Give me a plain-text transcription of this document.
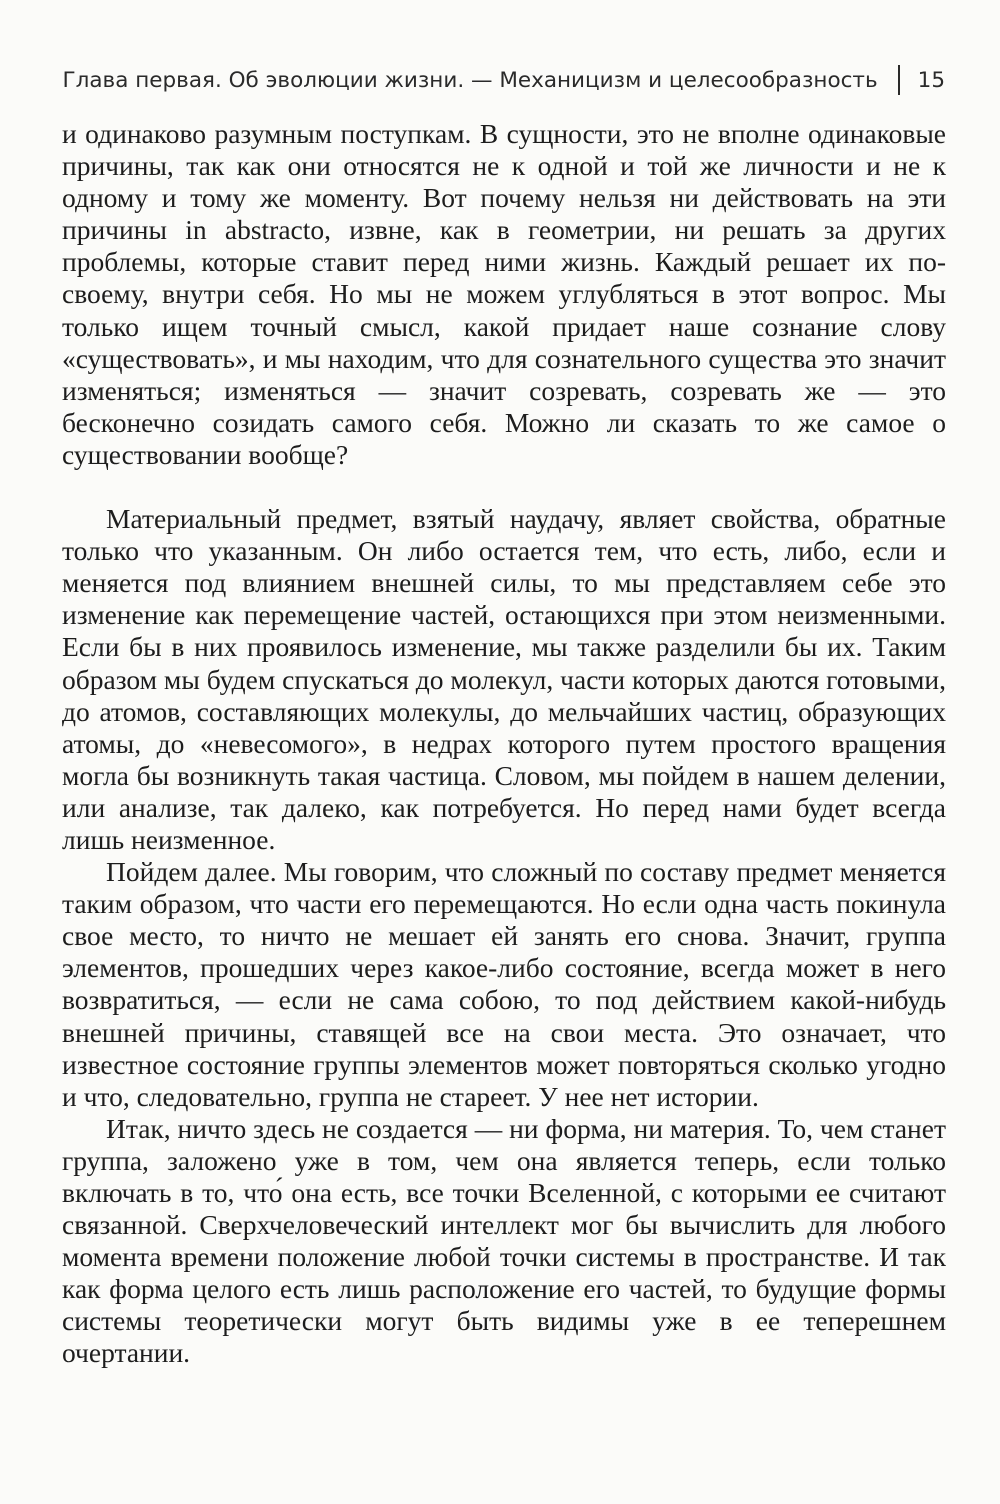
Глава первая. Об эволюции жизни. — Механицизм и целесообразность 15

и одинаково разумным поступкам. В сущности, это не вполне одинаковые причины, так как они относятся не к одной и той же личности и не к одному и тому же моменту. Вот почему нельзя ни действовать на эти причины in abstracto, извне, как в геометрии, ни решать за других проблемы, которые ставит перед ними жизнь. Каждый решает их по-своему, внутри себя. Но мы не можем углубляться в этот вопрос. Мы только ищем точный смысл, какой придает наше сознание слову «существовать», и мы находим, что для сознательного существа это значит изменяться; изменяться — значит созревать, созревать же — это бесконечно созидать самого себя. Можно ли сказать то же самое о существовании вообще?

Материальный предмет, взятый наудачу, являет свойства, обратные только что указанным. Он либо остается тем, что есть, либо, если и меняется под влиянием внешней силы, то мы представляем себе это изменение как перемещение частей, остающихся при этом неизменными. Если бы в них проявилось изменение, мы также разделили бы их. Таким образом мы будем спускаться до молекул, части которых даются готовыми, до атомов, составляющих молекулы, до мельчайших частиц, образующих атомы, до «невесомого», в недрах которого путем простого вращения могла бы возникнуть такая частица. Словом, мы пойдем в нашем делении, или анализе, так далеко, как потребуется. Но перед нами будет всегда лишь неизменное.

Пойдем далее. Мы говорим, что сложный по составу предмет меняется таким образом, что части его перемещаются. Но если одна часть покинула свое место, то ничто не мешает ей занять его снова. Значит, группа элементов, прошедших через какое-либо состояние, всегда может в него возвратиться, — если не сама собою, то под действием какой-нибудь внешней причины, ставящей все на свои места. Это означает, что известное состояние группы элементов может повторяться сколько угодно и что, следовательно, группа не стареет. У нее нет истории.

Итак, ничто здесь не создается — ни форма, ни материя. То, чем станет группа, заложено уже в том, чем она является теперь, если только включать в то, что́ она есть, все точки Вселенной, с которыми ее считают связанной. Сверхчеловеческий интеллект мог бы вычислить для любого момента времени положение любой точки системы в пространстве. И так как форма целого есть лишь расположение его частей, то будущие формы системы теоретически могут быть видимы уже в ее теперешнем очертании.
